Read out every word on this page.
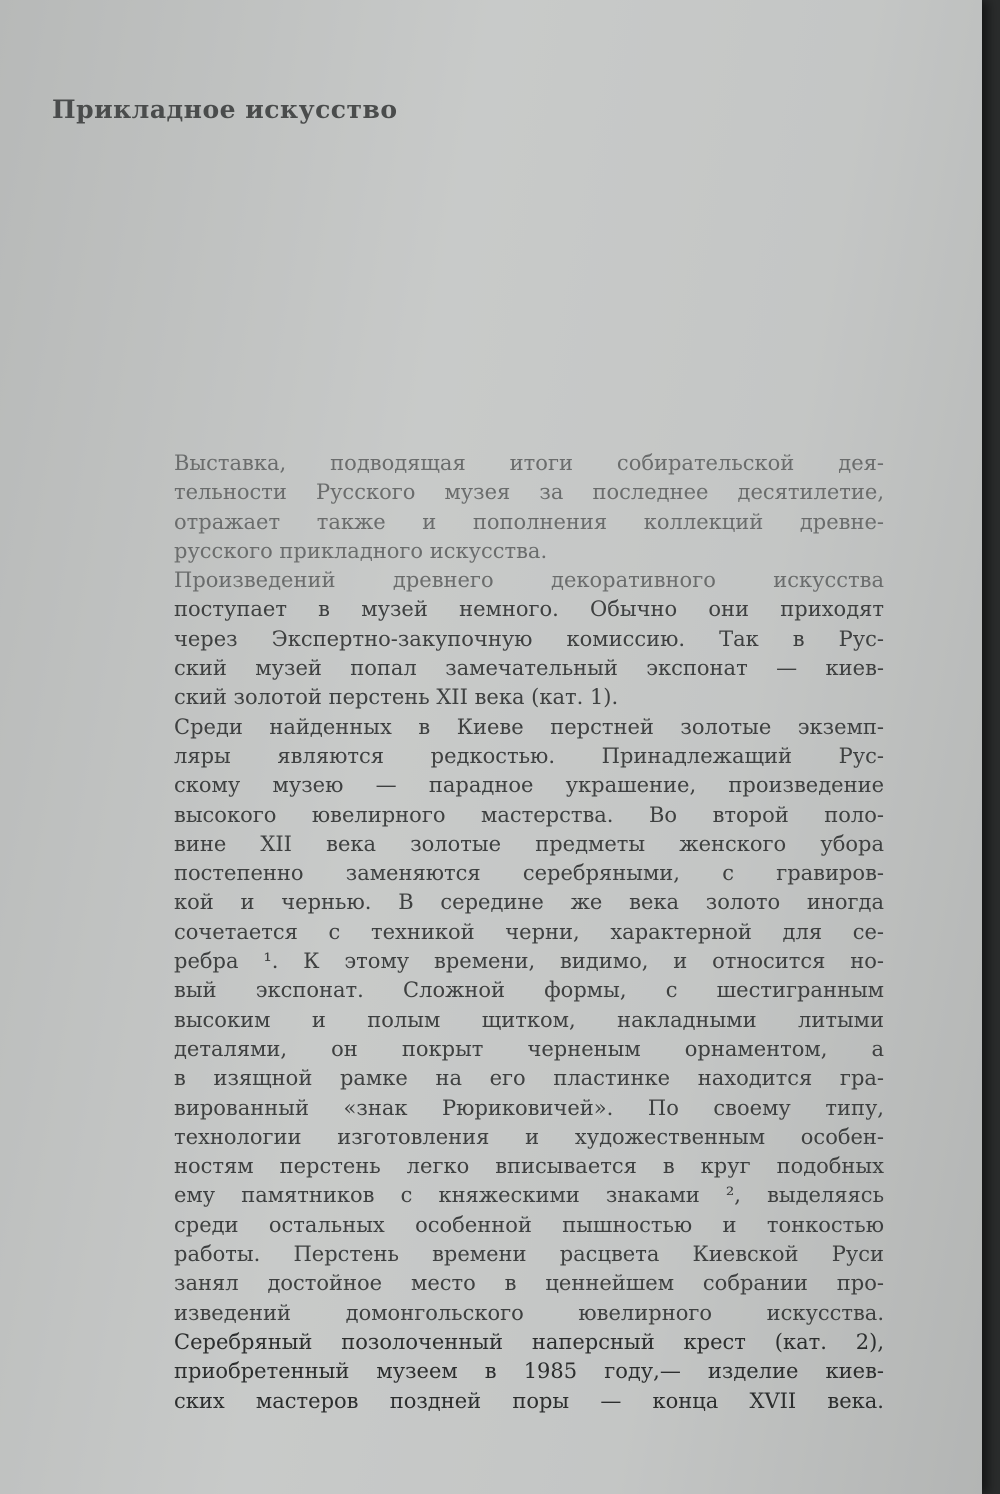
Прикладное искусство
Выставка, подводящая итоги собирательской дея-
тельности Русского музея за последнее десятилетие,
отражает также и пополнения коллекций древне-
русского прикладного искусства.
Произведений древнего декоративного искусства
поступает в музей немного. Обычно они приходят
через Экспертно-закупочную комиссию. Так в Рус-
ский музей попал замечательный экспонат — киев-
ский золотой перстень XII века (кат. 1).
Среди найденных в Киеве перстней золотые экземп-
ляры являются редкостью. Принадлежащий Рус-
скому музею — парадное украшение, произведение
высокого ювелирного мастерства. Во второй поло-
вине XII века золотые предметы женского убора
постепенно заменяются серебряными, с гравиров-
кой и чернью. В середине же века золото иногда
сочетается с техникой черни, характерной для се-
ребра ¹. К этому времени, видимо, и относится но-
вый экспонат. Сложной формы, с шестигранным
высоким и полым щитком, накладными литыми
деталями, он покрыт черненым орнаментом, а
в изящной рамке на его пластинке находится гра-
вированный «знак Рюриковичей». По своему типу,
технологии изготовления и художественным особен-
ностям перстень легко вписывается в круг подобных
ему памятников с княжескими знаками ², выделяясь
среди остальных особенной пышностью и тонкостью
работы. Перстень времени расцвета Киевской Руси
занял достойное место в ценнейшем собрании про-
изведений домонгольского ювелирного искусства.
Серебряный позолоченный наперсный крест (кат. 2),
приобретенный музеем в 1985 году,— изделие киев-
ских мастеров поздней поры — конца XVII века.
